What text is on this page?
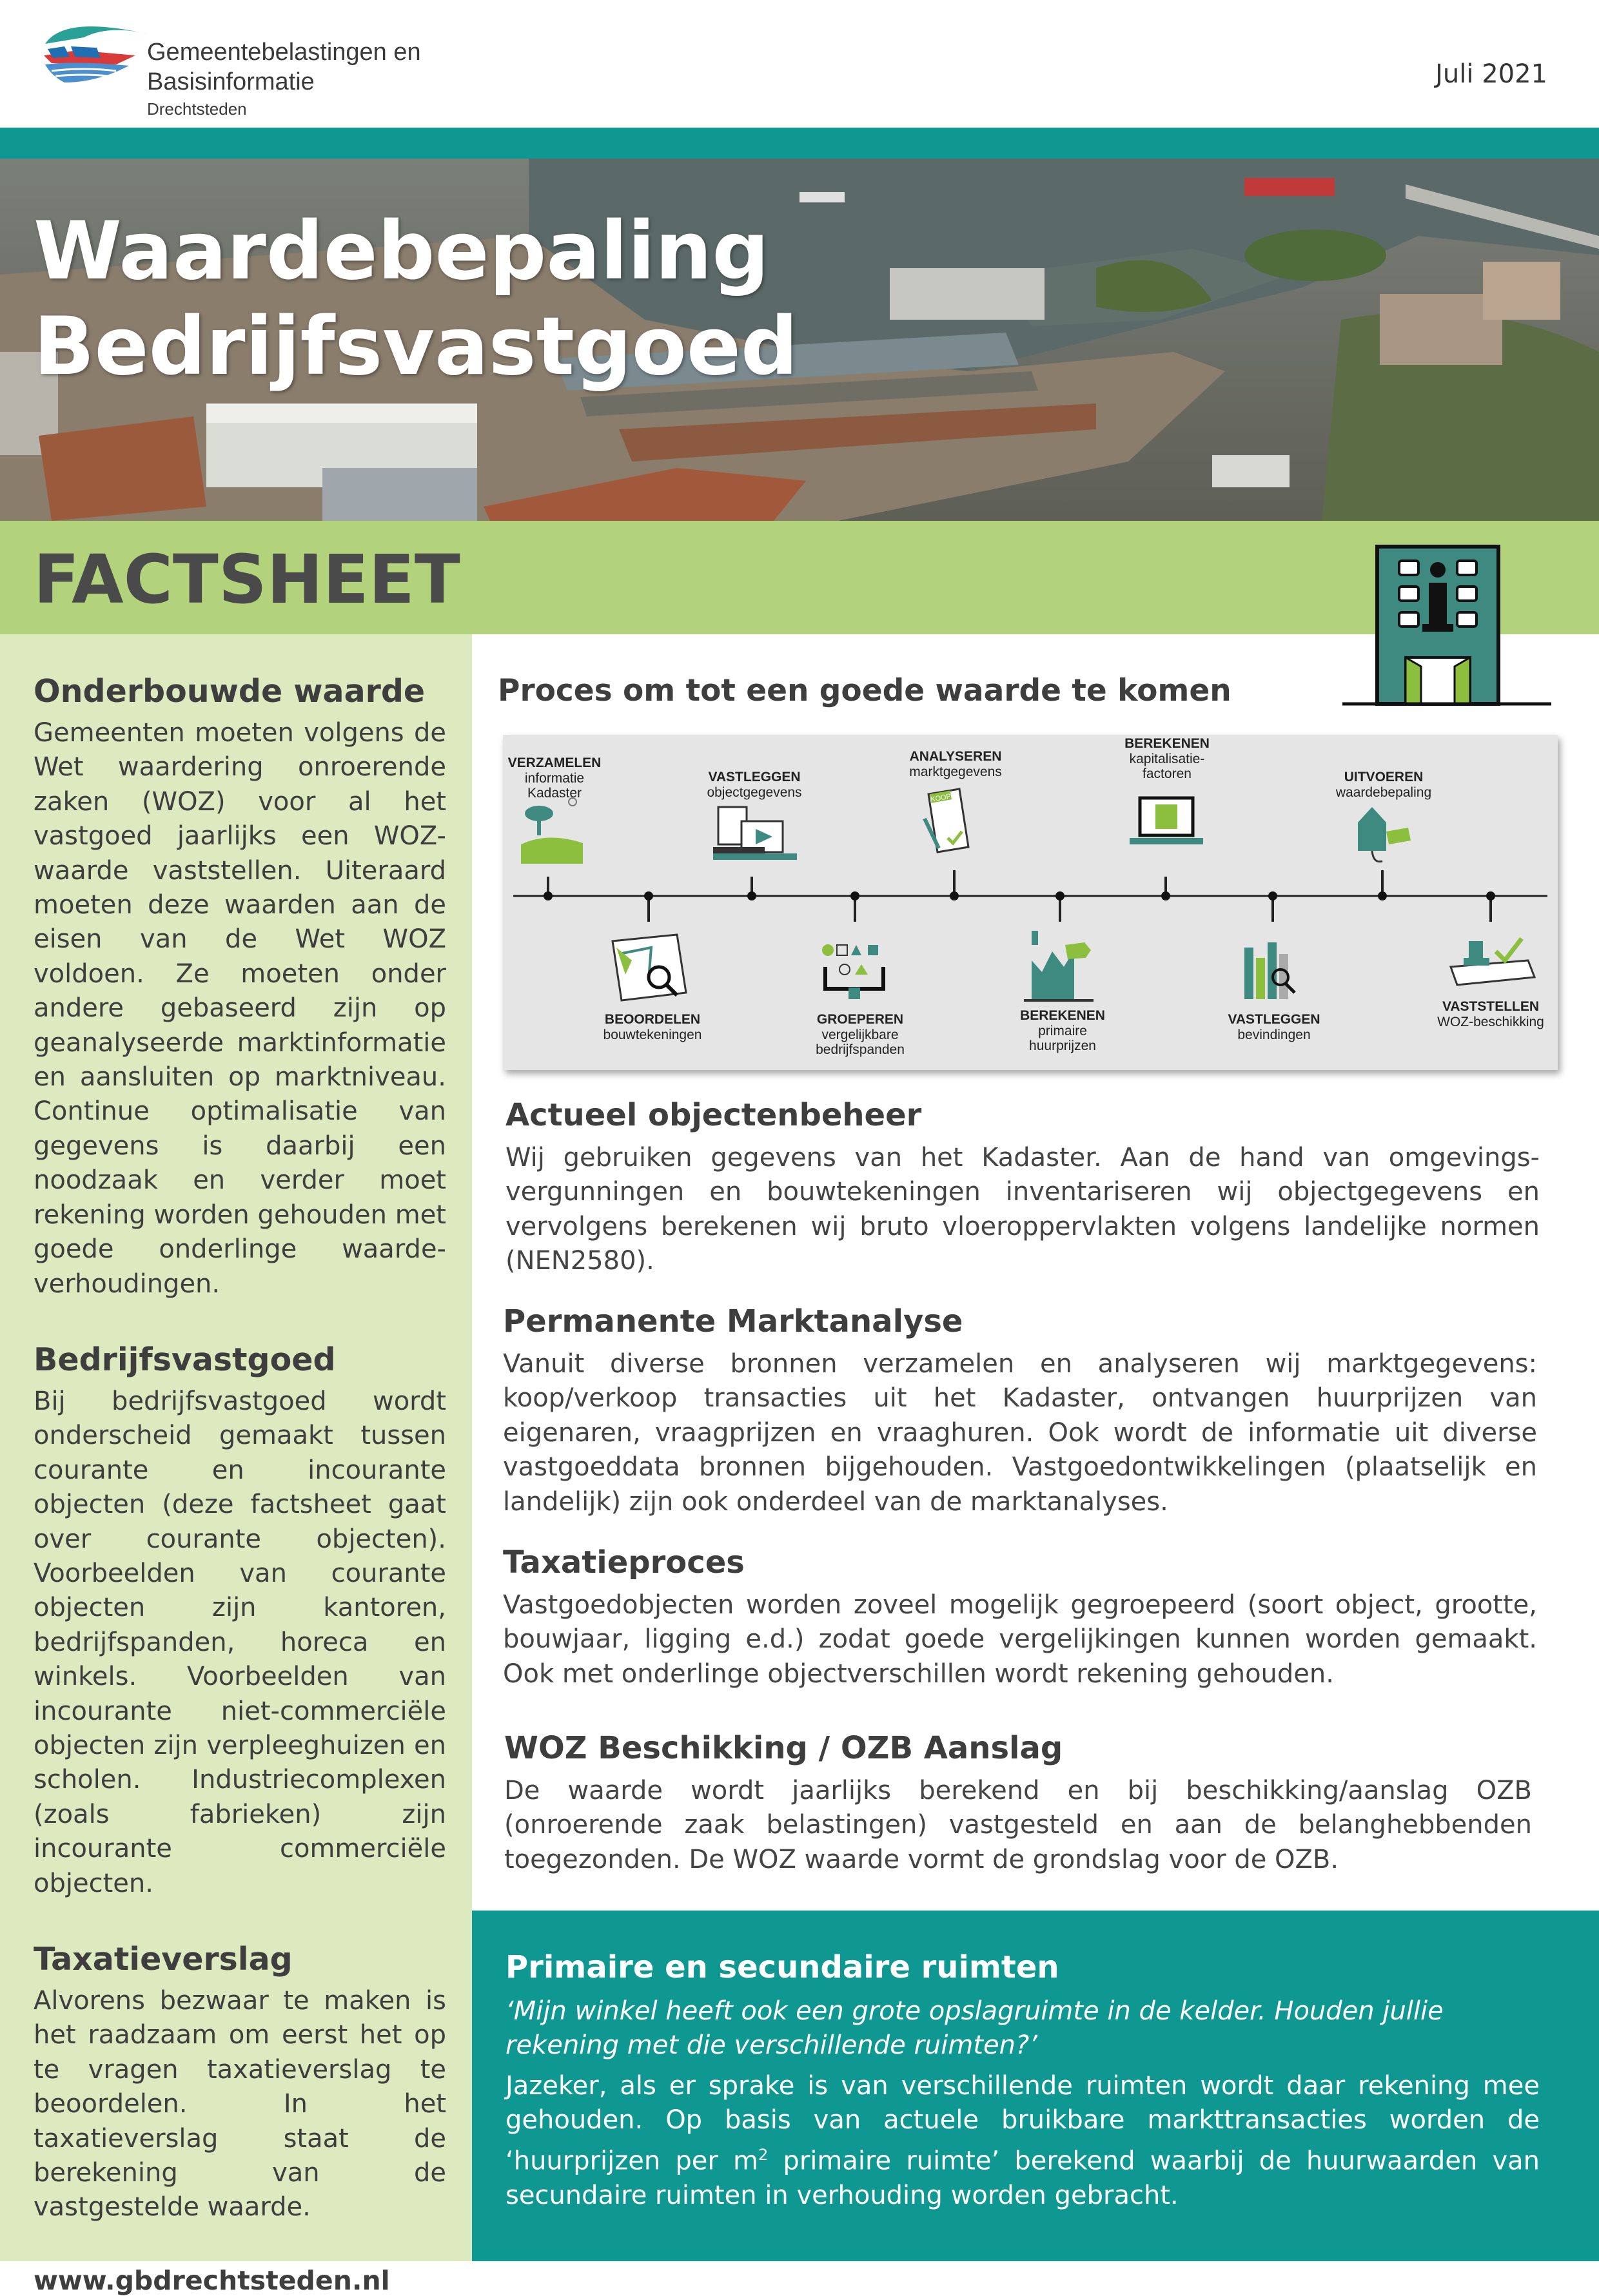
Gemeentebelastingen en
Basisinformatie
Drechtsteden
Juli 2021
Waardebepaling
Bedrijfsvastgoed
FACTSHEET
Onderbouwde waarde

Gemeenten moeten volgens de Wet waardering onroerende zaken (WOZ) voor al het vastgoed jaarlijks een WOZ-waarde vaststellen. Uiteraard moeten deze waarden aan de eisen van de Wet WOZ voldoen. Ze moeten onder andere gebaseerd zijn op geanalyseerde marktinformatie en aansluiten op marktniveau. Continue optimalisatie van gegevens is daarbij een noodzaak en verder moet rekening worden gehouden met goede onderlinge waarde-verhoudingen.

Bedrijfsvastgoed

Bij bedrijfsvastgoed wordt onderscheid gemaakt tussen courante en incourante objecten (deze factsheet gaat over courante objecten). Voorbeelden van courante objecten zijn kantoren, bedrijfspanden, horeca en winkels. Voorbeelden van incourante niet-commerciële objecten zijn verpleeghuizen en scholen. Industriecomplexen (zoals fabrieken) zijn incourante commerciële objecten.

Taxatieverslag

Alvorens bezwaar te maken is het raadzaam om eerst het op te vragen taxatieverslag te beoordelen. In het taxatieverslag staat de berekening van de vastgestelde waarde.

www.gbdrechtsteden.nl
Proces om tot een goede waarde te komen
KOOP
VERZAMELEN
informatie
Kadaster
BEOORDELEN
bouwtekeningen
VASTLEGGEN
objectgegevens
GROEPEREN
vergelijkbare
bedrijfspanden
ANALYSEREN
marktgegevens
BEREKENEN
primaire
huurprijzen
BEREKENEN
kapitalisatie-
factoren
VASTLEGGEN
bevindingen
UITVOEREN
waardebepaling
VASTSTELLEN
WOZ-beschikking
Actueel objectenbeheer

Wij gebruiken gegevens van het Kadaster. Aan de hand van omgevings-vergunningen en bouwtekeningen inventariseren wij objectgegevens en vervolgens berekenen wij bruto vloeroppervlakten volgens landelijke normen (NEN2580).

Permanente Marktanalyse

Vanuit diverse bronnen verzamelen en analyseren wij marktgegevens: koop/verkoop transacties uit het Kadaster, ontvangen huurprijzen van eigenaren, vraagprijzen en vraaghuren. Ook wordt de informatie uit diverse vastgoeddata bronnen bijgehouden. Vastgoedontwikkelingen (plaatselijk en landelijk) zijn ook onderdeel van de marktanalyses.

Taxatieproces

Vastgoedobjecten worden zoveel mogelijk gegroepeerd (soort object, grootte, bouwjaar, ligging e.d.) zodat goede vergelijkingen kunnen worden gemaakt. Ook met onderlinge objectverschillen wordt rekening gehouden.

WOZ Beschikking / OZB Aanslag

De waarde wordt jaarlijks berekend en bij beschikking/aanslag OZB (onroerende zaak belastingen) vastgesteld en aan de belanghebbenden toegezonden. De WOZ waarde vormt de grondslag voor de OZB.

Primaire en secundaire ruimten

‘Mijn winkel heeft ook een grote opslagruimte in de kelder. Houden jullie rekening met die verschillende ruimten?’

Jazeker, als er sprake is van verschillende ruimten wordt daar rekening mee gehouden. Op basis van actuele bruikbare markttransacties worden de ‘huurprijzen per $m^2$ primaire ruimte’ berekend waarbij de huurwaarden van secundaire ruimten in verhouding worden gebracht.
